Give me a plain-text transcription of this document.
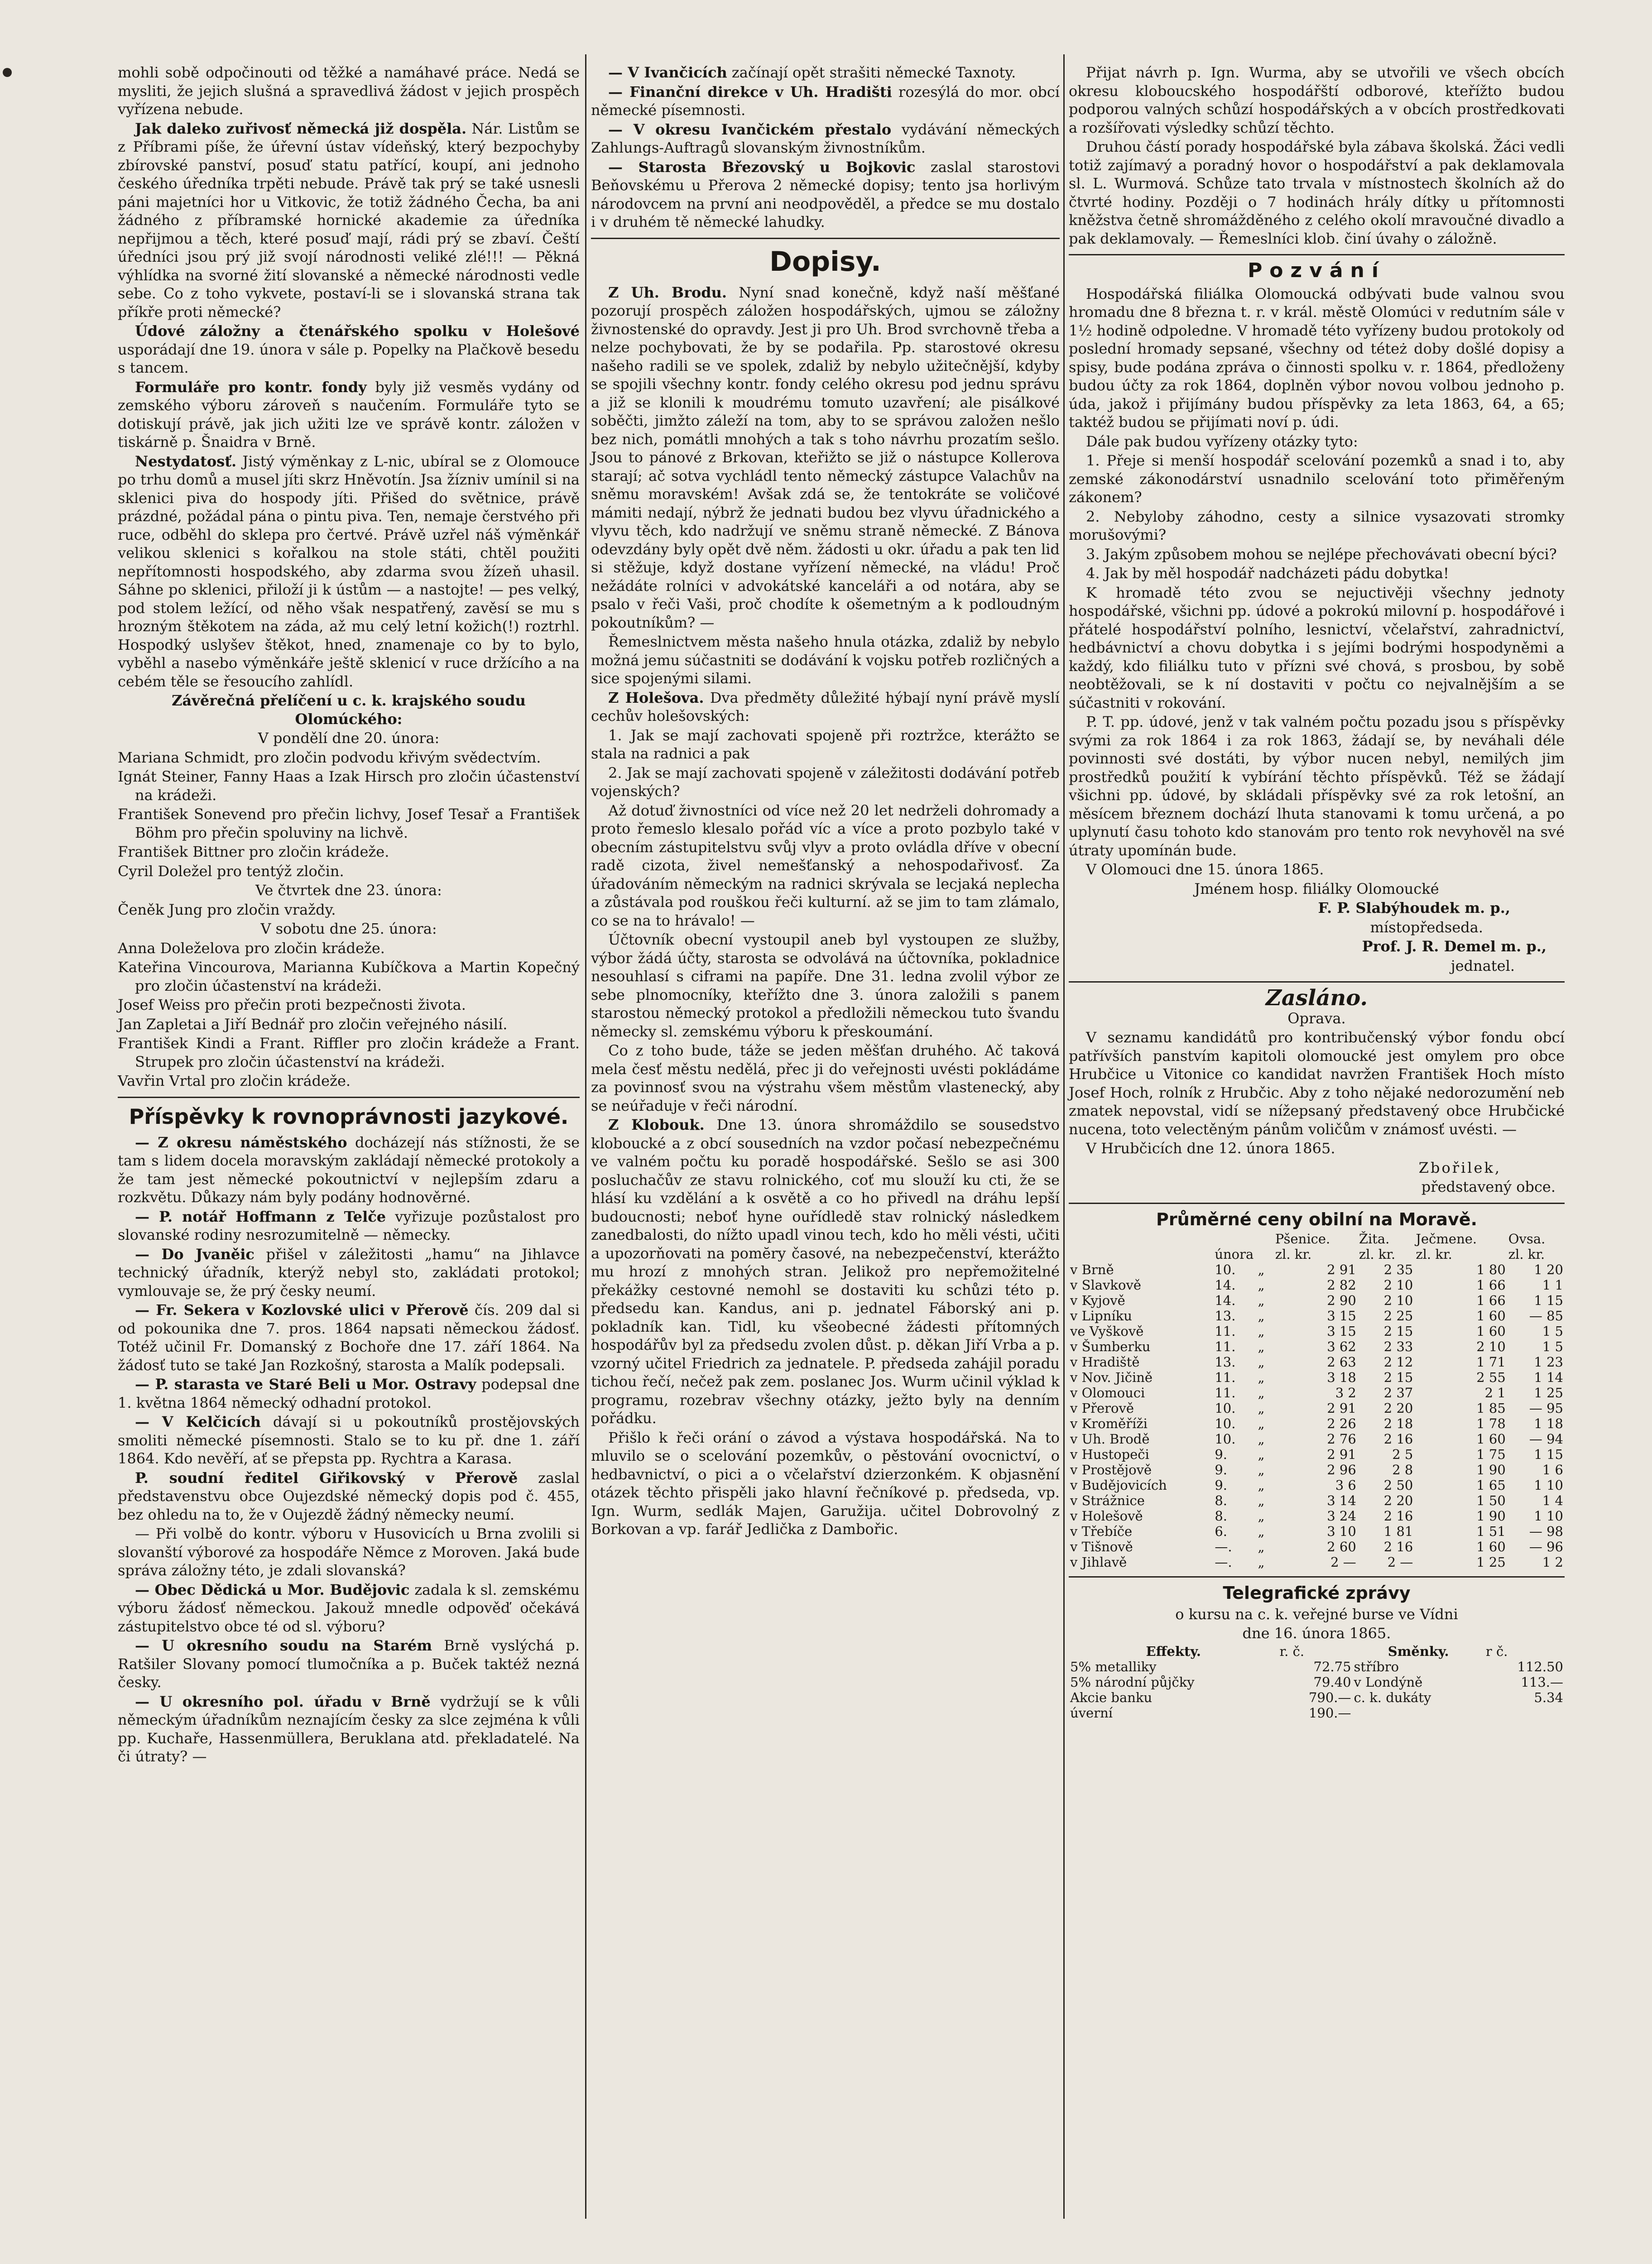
mohli sobě odpočinouti od těžké a namáhavé práce. Nedá se mysliti, že jejich slušná a spravedlivá žádost v jejich prospěch vyřízena nebude.

Jak daleko zuřivosť německá již dospěla. Nár. Listům se z Příbrami píše, že úřevní ústav vídeňský, který bezpochyby zbírovské panství, posuď statu patřící, koupí, ani jednoho českého úředníka trpěti nebude. Právě tak prý se také usnesli páni majetníci hor u Vitkovic, že totiž žádného Čecha, ba ani žádného z příbramské hornické akademie za úředníka nepřijmou a těch, které posuď mají, rádi prý se zbaví. Čeští úředníci jsou prý již svojí národnosti veliké zlé!!! — Pěkná výhlídka na svorné žití slovanské a německé národnosti vedle sebe. Co z toho vykvete, postaví-li se i slovanská strana tak příkře proti německé?

Údové záložny a čtenářského spolku v Holešové usporádají dne 19. února v sále p. Popelky na Plačkově besedu s tancem.

Formuláře pro kontr. fondy byly již vesměs vydány od zemského výboru zároveň s naučením. Formuláře tyto se dotiskují právě, jak jich užiti lze ve správě kontr. záložen v tiskárně p. Šnaidra v Brně.

Nestydatosť. Jistý výměnkay z L-nic, ubíral se z Olomouce po trhu domů a musel jíti skrz Hněvotín. Jsa žízniv umínil si na sklenici piva do hospody jíti. Přišed do světnice, právě prázdné, požádal pána o pintu piva. Ten, nemaje čerstvého při ruce, odběhl do sklepa pro čertvé. Právě uzřel náš výměnkář velikou sklenici s kořalkou na stole státi, chtěl použiti nepřítomnosti hospodského, aby zdarma svou žízeň uhasil. Sáhne po sklenici, přiloží ji k ústům — a nastojte! — pes velký, pod stolem ležící, od něho však nespatřený, zavěsí se mu s hrozným štěkotem na záda, až mu celý letní kožich(!) roztrhl. Hospodký uslyšev štěkot, hned, znamenaje co by to bylo, vyběhl a nasebo výměnkáře ještě sklenicí v ruce držícího a na cebém těle se řesoucího zahlídl.

Závěrečná přelíčení u c. k. krajského soudu Olomúckého:

V pondělí dne 20. února:

Mariana Schmidt, pro zločin podvodu křivým svědectvím.

Ignát Steiner, Fanny Haas a Izak Hirsch pro zločin účastenství na krádeži.

František Sonevend pro přečin lichvy, Josef Tesař a František Böhm pro přečin spoluviny na lichvě.

František Bittner pro zločin krádeže.

Cyril Doležel pro tentýž zločin.

Ve čtvrtek dne 23. února:

Čeněk Jung pro zločin vraždy.

V sobotu dne 25. února:

Anna Doleželova pro zločin krádeže.

Kateřina Vincourova, Marianna Kubíčkova a Martin Kopečný pro zločin účastenství na krádeži.

Josef Weiss pro přečin proti bezpečnosti života.

Jan Zapletai a Jiří Bednář pro zločin veřejného násilí.

František Kindi a Frant. Riffler pro zločin krádeže a Frant. Strupek pro zločin účastenství na krádeži.

Vavřin Vrtal pro zločin krádeže.

Příspěvky k rovnoprávnosti jazykové.

— Z okresu náměstského docházejí nás stížnosti, že se tam s lidem docela moravským zakládají německé protokoly a že tam jest německé pokoutnictví v nejlepším zdaru a rozkvětu. Důkazy nám byly podány hodnověrné.

— P. notář Hoffmann z Telče vyřizuje pozůstalost pro slovanské rodiny nesrozumitelně — německy.

— Do Jvaněic přišel v záležitosti „hamu“ na Jihlavce technický úřadník, kterýž nebyl sto, zakládati protokol; vymlouvaje se, že prý česky neumí.

— Fr. Sekera v Kozlovské ulici v Přerově čís. 209 dal si od pokounika dne 7. pros. 1864 napsati německou žádosť. Totéž učinil Fr. Domanský z Bochoře dne 17. září 1864. Na žádosť tuto se také Jan Rozkošný, starosta a Malík podepsali.

— P. starasta ve Staré Beli u Mor. Ostravy podepsal dne 1. května 1864 německý odhadní protokol.

— V Kelčicích dávají si u pokoutníků prostějovských smoliti německé písemnosti. Stalo se to ku př. dne 1. září 1864. Kdo nevěří, ať se přepsta pp. Rychtra a Karasa.

P. soudní ředitel Giřikovský v Přerově zaslal představenstvu obce Oujezdské německý dopis pod č. 455, bez ohledu na to, že v Oujezdě žádný německy neumí.

— Při volbě do kontr. výboru v Husovicích u Brna zvolili si slovanští výborové za hospodáře Němce z Moroven. Jaká bude správa záložny této, je zdali slovanská?

— Obec Dědická u Mor. Budějovic zadala k sl. zemskému výboru žádosť německou. Jakouž mnedle odpověď očekává zástupitelstvo obce té od sl. výboru?

— U okresního soudu na Starém Brně vyslýchá p. Ratšiler Slovany pomocí tlumočníka a p. Buček taktéž nezná česky.

— U okresního pol. úřadu v Brně vydržují se k vůli německým úřadníkům neznajícím česky za slce zejména k vůli pp. Kuchaře, Hassenmüllera, Beruklana atd. překladatelé. Na či útraty? —

— V Ivančicích začínají opět strašiti německé Taxnoty.

— Finanční direkce v Uh. Hradišti rozesýlá do mor. obcí německé písemnosti.

— V okresu Ivančickém přestalo vydávání německých Zahlungs-Auftragů slovanským živnostníkům.

— Starosta Březovský u Bojkovic zaslal starostovi Beňovskému u Přerova 2 německé dopisy; tento jsa horlivým národovcem na první ani neodpověděl, a předce se mu dostalo i v druhém tě německé lahudky.

Dopisy.

Z Uh. Brodu. Nyní snad konečně, když naší měšťané pozorují prospěch záložen hospodářských, ujmou se záložny živnostenské do opravdy. Jest ji pro Uh. Brod svrchovně třeba a nelze pochybovati, že by se podařila. Pp. starostové okresu našeho radili se ve spolek, zdaliž by nebylo užitečnější, kdyby se spojili všechny kontr. fondy celého okresu pod jednu správu a již se klonili k moudrému tomuto uzavření; ale pisálkové soběčti, jimžto záleží na tom, aby to se správou založen nešlo bez nich, pomátli mnohých a tak s toho návrhu prozatím sešlo. Jsou to pánové z Brkovan, kteřižto se již o nástupce Kollerova starají; ač sotva vychládl tento německý zástupce Valachův na sněmu moravském! Avšak zdá se, že tentokráte se voličové mámiti nedají, nýbrž že jednati budou bez vlyvu úřadnického a vlyvu těch, kdo nadržují ve sněmu straně německé. Z Bánova odevzdány byly opět dvě něm. žádosti u okr. úřadu a pak ten lid si stěžuje, když dostane vyřízení německé, na vládu! Proč nežádáte rolníci v advokátské kanceláři a od notára, aby se psalo v řeči Vaši, proč chodíte k ošemetným a k podloudným pokoutníkům? —

Řemeslnictvem města našeho hnula otázka, zdaliž by nebylo možná jemu súčastniti se dodávání k vojsku potřeb rozličných a sice spojenými silami.

Z Holešova. Dva předměty důležité hýbají nyní právě myslí cechův holešovských:

1. Jak se mají zachovati spojeně při roztržce, kterážto se stala na radnici a pak

2. Jak se mají zachovati spojeně v záležitosti dodávání potřeb vojenských?

Až dotuď živnostníci od více než 20 let nedrželi dohromady a proto řemeslo klesalo pořád víc a více a proto pozbylo také v obecním zástupitelstvu svůj vlyv a proto ovládla dříve v obecní radě cizota, živel nemešťanský a nehospodařivosť. Za úřadováním německým na radnici skrývala se lecjaká neplecha a zůstávala pod rouškou řeči kulturní. až se jim to tam zlámalo, co se na to hrávalo! —

Účtovník obecní vystoupil aneb byl vystoupen ze služby, výbor žádá účty, starosta se odvolává na účtovníka, pokladnice nesouhlasí s ciframi na papíře. Dne 31. ledna zvolil výbor ze sebe plnomocníky, kteřížto dne 3. února založili s panem starostou německý protokol a předložili německou tuto švandu německy sl. zemskému výboru k přeskoumání.

Co z toho bude, táže se jeden měšťan druhého. Ač taková mela česť městu nedělá, přec ji do veřejnosti uvésti pokládáme za povinnosť svou na výstrahu všem městům vlastenecký, aby se neúřaduje v řeči národní.

Z Klobouk. Dne 13. února shromáždilo se sousedstvo kloboucké a z obcí sousedních na vzdor počasí nebezpečnému ve valném počtu ku poradě hospodářské. Sešlo se asi 300 posluchačův ze stavu rolnického, coť mu slouží ku cti, že se hlásí ku vzdělání a k osvětě a co ho přivedl na dráhu lepší budoucnosti; neboť hyne ouřídledě stav rolnický následkem zanedbalosti, do nížto upadl vinou tech, kdo ho měli vésti, učiti a upozorňovati na pomĕry časové, na nebezpečenství, kterážto mu hrozí z mnohých stran. Jelikož pro nepřemožitelné překážky cestovné nemohl se dostaviti ku schůzi této p. předsedu kan. Kandus, ani p. jednatel Fáborský ani p. pokladník kan. Tidl, ku všeobecné žádesti přítomných hospodářův byl za předsedu zvolen důst. p. děkan Jiří Vrba a p. vzorný učitel Friedrich za jednatele. P. předseda zahájil poradu tichou řečí, nečež pak zem. poslanec Jos. Wurm učinil výklad k programu, rozebrav všechny otázky, ježto byly na denním pořádku.

Přišlo k řeči orání o závod a výstava hospodářská. Na to mluvilo se o scelování pozemkův, o pěstování ovocnictví, o hedbavnictví, o pici a o včelařství dzierzonkém. K objasnění otázek těchto přispěli jako hlavní řečníkové p. předseda, vp. Ign. Wurm, sedlák Majen, Garužija. učitel Dobrovolný z Borkovan a vp. farář Jedlička z Dambořic.

Přijat návrh p. Ign. Wurma, aby se utvořili ve všech obcích okresu kloboucského hospodářští odborové, kteřížto budou podporou valných schůzí hospodářských a v obcích prostředkovati a rozšířovati výsledky schůzí těchto.

Druhou částí porady hospodářské byla zábava školská. Žáci vedli totiž zajímavý a poradný hovor o hospodářství a pak deklamovala sl. L. Wurmová. Schůze tato trvala v místnostech školních až do čtvrté hodiny. Později o 7 hodinách hrály dítky u přítomnosti kněžstva četně shromážděného z celého okolí mravoučné divadlo a pak deklamovaly. — Řemeslníci klob. činí úvahy o záložně.

Pozvání

Hospodářská filiálka Olomoucká odbývati bude valnou svou hromadu dne 8 března t. r. v král. městě Olomúci v redutním sále v 1½ hodině odpoledne. V hromadě této vyřízeny budou protokoly od poslední hromady sepsané, všechny od téteż doby došlé dopisy a spisy, bude podána zpráva o činnosti spolku v. r. 1864, předloženy budou účty za rok 1864, doplněn výbor novou volbou jednoho p. úda, jakož i přijímány budou příspěvky za leta 1863, 64, a 65; taktéž budou se přijímati noví p. údi.

Dále pak budou vyřízeny otázky tyto:

1. Přeje si menší hospodář scelování pozemků a snad i to, aby zemské zákonodárství usnadnilo scelování toto přiměřeným zákonem?

2. Nebyloby záhodno, cesty a silnice vysazovati stromky morušovými?

3. Jakým způsobem mohou se nejlépe přechovávati obecní býci?

4. Jak by měl hospodář nadcházeti pádu dobytka!

K hromadě této zvou se nejuctivěji všechny jednoty hospodářské, všichni pp. údové a pokrokú milovní p. hospodářové i přátelé hospodářství polního, lesnictví, včelařství, zahradnictví, hedbávnictví a chovu dobytka i s jejími bodrými hospodyněmi a každý, kdo filiálku tuto v přízni své chová, s prosbou, by sobě neobtěžovali, se k ní dostaviti v počtu co nejvalnějším a se súčastniti v rokování.

P. T. pp. údové, jenž v tak valném počtu pozadu jsou s příspěvky svými za rok 1864 i za rok 1863, žádají se, by neváhali déle povinnosti své dostáti, by výbor nucen nebyl, nemilých jim prostředků použití k vybírání těchto příspěvků. Též se žádají všichni pp. údové, by skládali příspěvky své za rok letošní, an měsícem březnem dochází lhuta stanovami k tomu určená, a po uplynutí času tohoto kdo stanovám pro tento rok nevyhověl na své útraty upomínán bude.

V Olomouci dne 15. února 1865.

Jménem hosp. filiálky Olomoucké

F. P. Slabýhoudek m. p.,

místopředseda.

Prof. J. R. Demel m. p.,

jednatel.

Zasláno.

Oprava.

V seznamu kandidátů pro kontribučenský výbor fondu obcí patřívších panstvím kapitoli olomoucké jest omylem pro obce Hrubčice u Vitonice co kandidat navržen František Hoch místo Josef Hoch, rolník z Hrubčic. Aby z toho nějaké nedorozumění neb zmatek nepovstal, vidí se nížepsaný představený obce Hrubčické nucena, toto velectěným pánům voličům v známosť uvésti. —

V Hrubčicích dne 12. února 1865.

Zbořilek,

představený obce.

Průměrné ceny obilní na Moravě.
			Pšenice.	Žita.	Ječmene.	Ovsa.
	února		zl. kr.	zl. kr.	zl. kr.	zl. kr.
v Brně	10.	„	2 91	2 35	1 80	1 20
v Slavkově	14.	„	2 82	2 10	1 66	1 1
v Kyjově	14.	„	2 90	2 10	1 66	1 15
v Lipníku	13.	„	3 15	2 25	1 60	— 85
ve Vyškově	11.	„	3 15	2 15	1 60	1 5
v Šumberku	11.	„	3 62	2 33	2 10	1 5
v Hradiště	13.	„	2 63	2 12	1 71	1 23
v Nov. Jičině	11.	„	3 18	2 15	2 55	1 14
v Olomouci	11.	„	3 2	2 37	2 1	1 25
v Přerově	10.	„	2 91	2 20	1 85	— 95
v Kroměříži	10.	„	2 26	2 18	1 78	1 18
v Uh. Brodě	10.	„	2 76	2 16	1 60	— 94
v Hustopeči	9.	„	2 91	2 5	1 75	1 15
v Prostějově	9.	„	2 96	2 8	1 90	1 6
v Budějovicích	9.	„	3 6	2 50	1 65	1 10
v Strážnice	8.	„	3 14	2 20	1 50	1 4
v Holešově	8.	„	3 24	2 16	1 90	1 10
v Třebíče	6.	„	3 10	1 81	1 51	— 98
v Tišnově	—.	„	2 60	2 16	1 60	— 96
v Jihlavě	—.	„	2 —	2 —	1 25	1 2
Telegrafické zprávy

o kursu na c. k. veřejné burse ve Vídni

dne 16. února 1865.

Effekty.	r. č.	Směnky.	r č.
5% metalliky	72.75	stříbro	112.50
5% národní půjčky	79.40	v Londýně	113.—
Akcie banku	790.—	c. k. dukáty	5.34
úverní	190.—		
